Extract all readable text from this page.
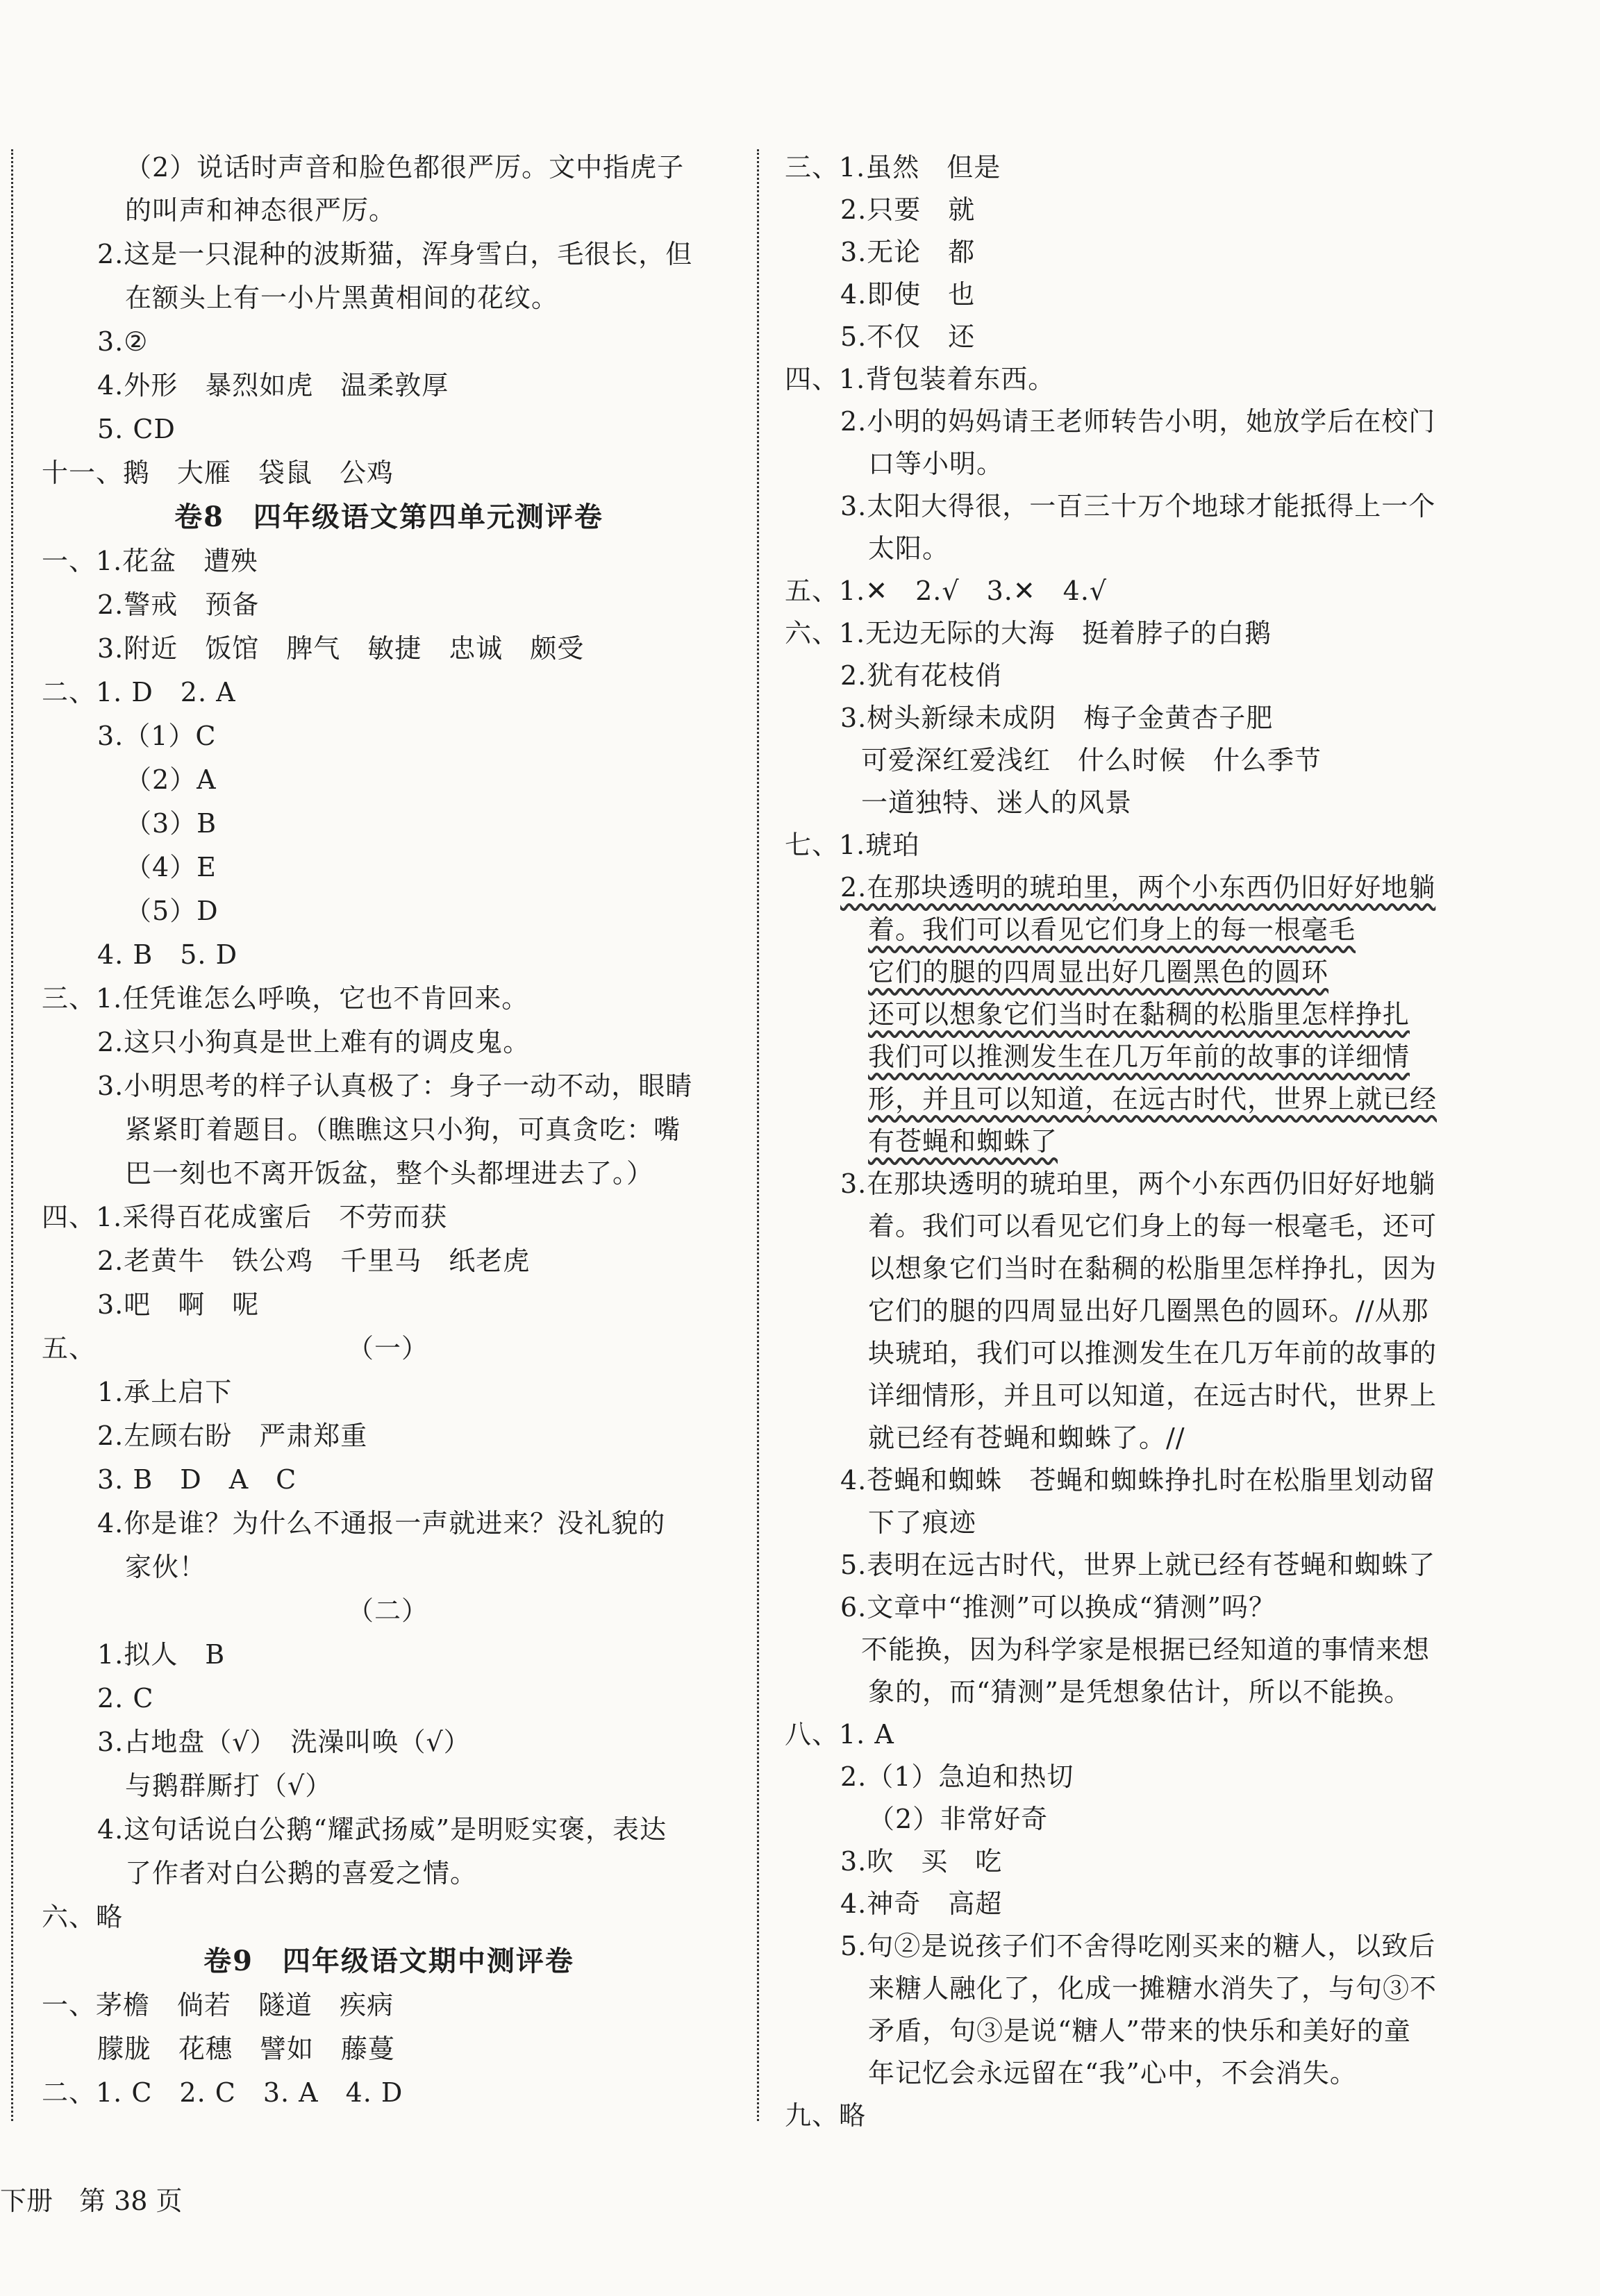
（2）说话时声音和脸色都很严厉。文中指虎子
的叫声和神态很严厉。
2.这是一只混种的波斯猫，浑身雪白，毛很长，但
在额头上有一小片黑黄相间的花纹。
3.②
4.外形　暴烈如虎　温柔敦厚
5. CD
十一、鹅　大雁　袋鼠　公鸡
卷8　四年级语文第四单元测评卷
一、1.花盆　遭殃
2.警戒　预备
3.附近　饭馆　脾气　敏捷　忠诚　颇受
二、1. D　2. A
3.（1）C
（2）A
（3）B
（4）E
（5）D
4. B　5. D
三、1.任凭谁怎么呼唤，它也不肯回来。
2.这只小狗真是世上难有的调皮鬼。
3.小明思考的样子认真极了：身子一动不动，眼睛
紧紧盯着题目。（瞧瞧这只小狗，可真贪吃：嘴
巴一刻也不离开饭盆，整个头都埋进去了。）
四、1.采得百花成蜜后　不劳而获
2.老黄牛　铁公鸡　千里马　纸老虎
3.吧　啊　呢
五、	（一）
1.承上启下
2.左顾右盼　严肃郑重
3. B　D　A　C
4.你是谁？为什么不通报一声就进来？没礼貌的
家伙！
（二）
1.拟人　B
2. C
3.占地盘（√）　洗澡叫唤（√）
与鹅群厮打（√）
4.这句话说白公鹅“耀武扬威”是明贬实褒，表达
了作者对白公鹅的喜爱之情。
六、略
卷9　四年级语文期中测评卷
一、茅檐　倘若　隧道　疾病
朦胧　花穗　譬如　藤蔓
二、1. C　2. C　3. A　4. D
三、1.虽然　但是
2.只要　就
3.无论　都
4.即使　也
5.不仅　还
四、1.背包装着东西。
2.小明的妈妈请王老师转告小明，她放学后在校门
口等小明。
3.太阳大得很，一百三十万个地球才能抵得上一个
太阳。
五、1.✕　2.√　3.✕　4.√
六、1.无边无际的大海　挺着脖子的白鹅
2.犹有花枝俏
3.树头新绿未成阴　梅子金黄杏子肥
可爱深红爱浅红　什么时候　什么季节
一道独特、迷人的风景
七、1.琥珀
2.在那块透明的琥珀里，两个小东西仍旧好好地躺
着。我们可以看见它们身上的每一根毫毛
它们的腿的四周显出好几圈黑色的圆环
还可以想象它们当时在黏稠的松脂里怎样挣扎
我们可以推测发生在几万年前的故事的详细情
形，并且可以知道，在远古时代，世界上就已经
有苍蝇和蜘蛛了
3.在那块透明的琥珀里，两个小东西仍旧好好地躺
着。我们可以看见它们身上的每一根毫毛，还可
以想象它们当时在黏稠的松脂里怎样挣扎，因为
它们的腿的四周显出好几圈黑色的圆环。//从那
块琥珀，我们可以推测发生在几万年前的故事的
详细情形，并且可以知道，在远古时代，世界上
就已经有苍蝇和蜘蛛了。//
4.苍蝇和蜘蛛　苍蝇和蜘蛛挣扎时在松脂里划动留
下了痕迹
5.表明在远古时代，世界上就已经有苍蝇和蜘蛛了
6.文章中“推测”可以换成“猜测”吗？
不能换，因为科学家是根据已经知道的事情来想
象的，而“猜测”是凭想象估计，所以不能换。
八、1. A
2.（1）急迫和热切
（2）非常好奇
3.吹　买　吃
4.神奇　高超
5.句②是说孩子们不舍得吃刚买来的糖人，以致后
来糖人融化了，化成一摊糖水消失了，与句③不
矛盾，句③是说“糖人”带来的快乐和美好的童
年记忆会永远留在“我”心中，不会消失。
九、略
下册　第 38 页
